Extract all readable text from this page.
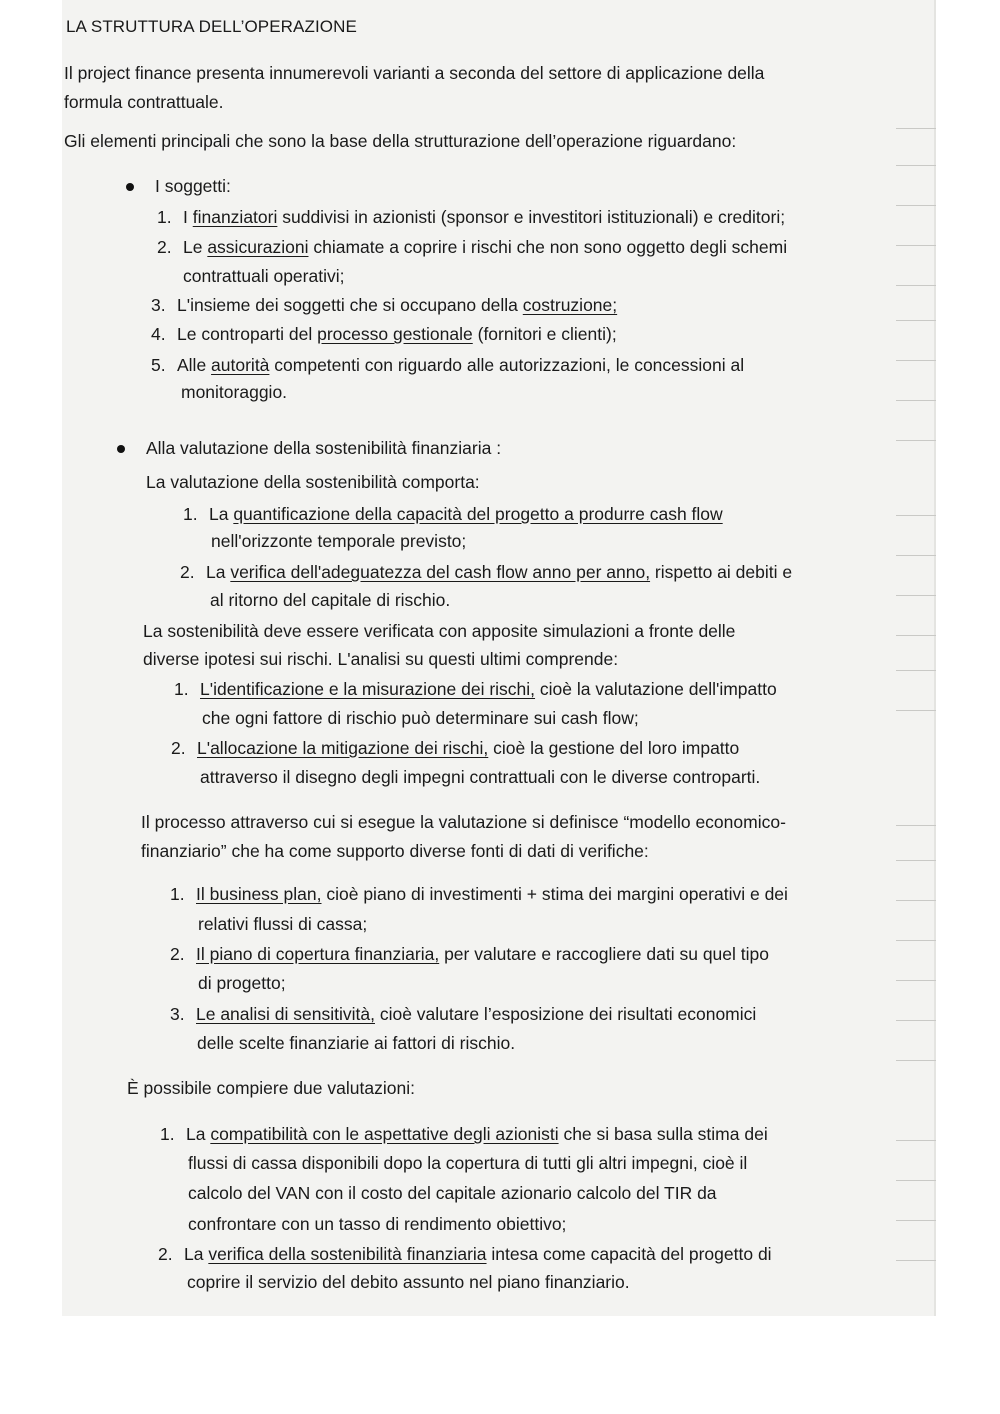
LA STRUTTURA DELL’OPERAZIONE
Il project finance presenta innumerevoli varianti a seconda del settore di applicazione della
formula contrattuale.
Gli elementi principali che sono la base della strutturazione dell’operazione riguardano:
I soggetti:
1. I finanziatori suddivisi in azionisti (sponsor e investitori istituzionali) e creditori;
2. Le assicurazioni chiamate a coprire i rischi che non sono oggetto degli schemi
contrattuali operativi;
3. L'insieme dei soggetti che si occupano della costruzione;
4. Le controparti del processo gestionale (fornitori e clienti);
5. Alle autorità competenti con riguardo alle autorizzazioni, le concessioni al
monitoraggio.
Alla valutazione della sostenibilità finanziaria :
La valutazione della sostenibilità comporta:
1. La quantificazione della capacità del progetto a produrre cash flow
nell'orizzonte temporale previsto;
2. La verifica dell'adeguatezza del cash flow anno per anno, rispetto ai debiti e
al ritorno del capitale di rischio.
La sostenibilità deve essere verificata con apposite simulazioni a fronte delle
diverse ipotesi sui rischi. L'analisi su questi ultimi comprende:
1. L'identificazione e la misurazione dei rischi, cioè la valutazione dell'impatto
che ogni fattore di rischio può determinare sui cash flow;
2. L'allocazione la mitigazione dei rischi, cioè la gestione del loro impatto
attraverso il disegno degli impegni contrattuali con le diverse controparti.
Il processo attraverso cui si esegue la valutazione si definisce “modello economico-
finanziario” che ha come supporto diverse fonti di dati di verifiche:
1. Il business plan, cioè piano di investimenti + stima dei margini operativi e dei
relativi flussi di cassa;
2. Il piano di copertura finanziaria, per valutare e raccogliere dati su quel tipo
di progetto;
3. Le analisi di sensitività, cioè valutare l’esposizione dei risultati economici
delle scelte finanziarie ai fattori di rischio.
È possibile compiere due valutazioni:
1. La compatibilità con le aspettative degli azionisti che si basa sulla stima dei
flussi di cassa disponibili dopo la copertura di tutti gli altri impegni, cioè il
calcolo del VAN con il costo del capitale azionario calcolo del TIR da
confrontare con un tasso di rendimento obiettivo;
2. La verifica della sostenibilità finanziaria intesa come capacità del progetto di
coprire il servizio del debito assunto nel piano finanziario.
